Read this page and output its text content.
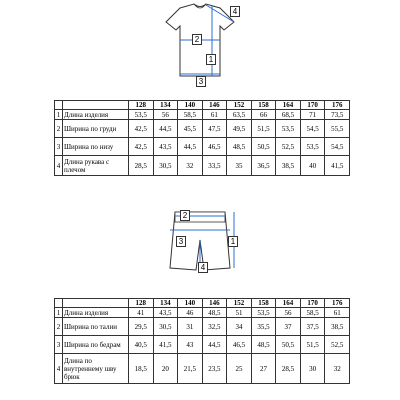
2
4
1
3
		128	134	140	146	152	158	164	170	176
1	Длина изделия	53,5	56	58,5	61	63,5	66	68,5	71	73,5
2	Ширина по груди	42,5	44,5	45,5	47,5	49,5	51,5	53,5	54,5	55,5
3	Ширина по низу	42,5	43,5	44,5	46,5	48,5	50,5	52,5	53,5	54,5
4	Длина рукава с плечом	28,5	30,5	32	33,5	35	36,5	38,5	40	41,5
2
3	1
4
		128	134	140	146	152	158	164	170	176
1	Длина изделия	41	43,5	46	48,5	51	53,5	56	58,5	61
2	Ширина по талии	29,5	30,5	31	32,5	34	35,5	37	37,5	38,5
3	Ширина по бедрам	40,5	41,5	43	44,5	46,5	48,5	50,5	51,5	52,5
4	Длина по внутреннему шву брюк	18,5	20	21,5	23,5	25	27	28,5	30	32
